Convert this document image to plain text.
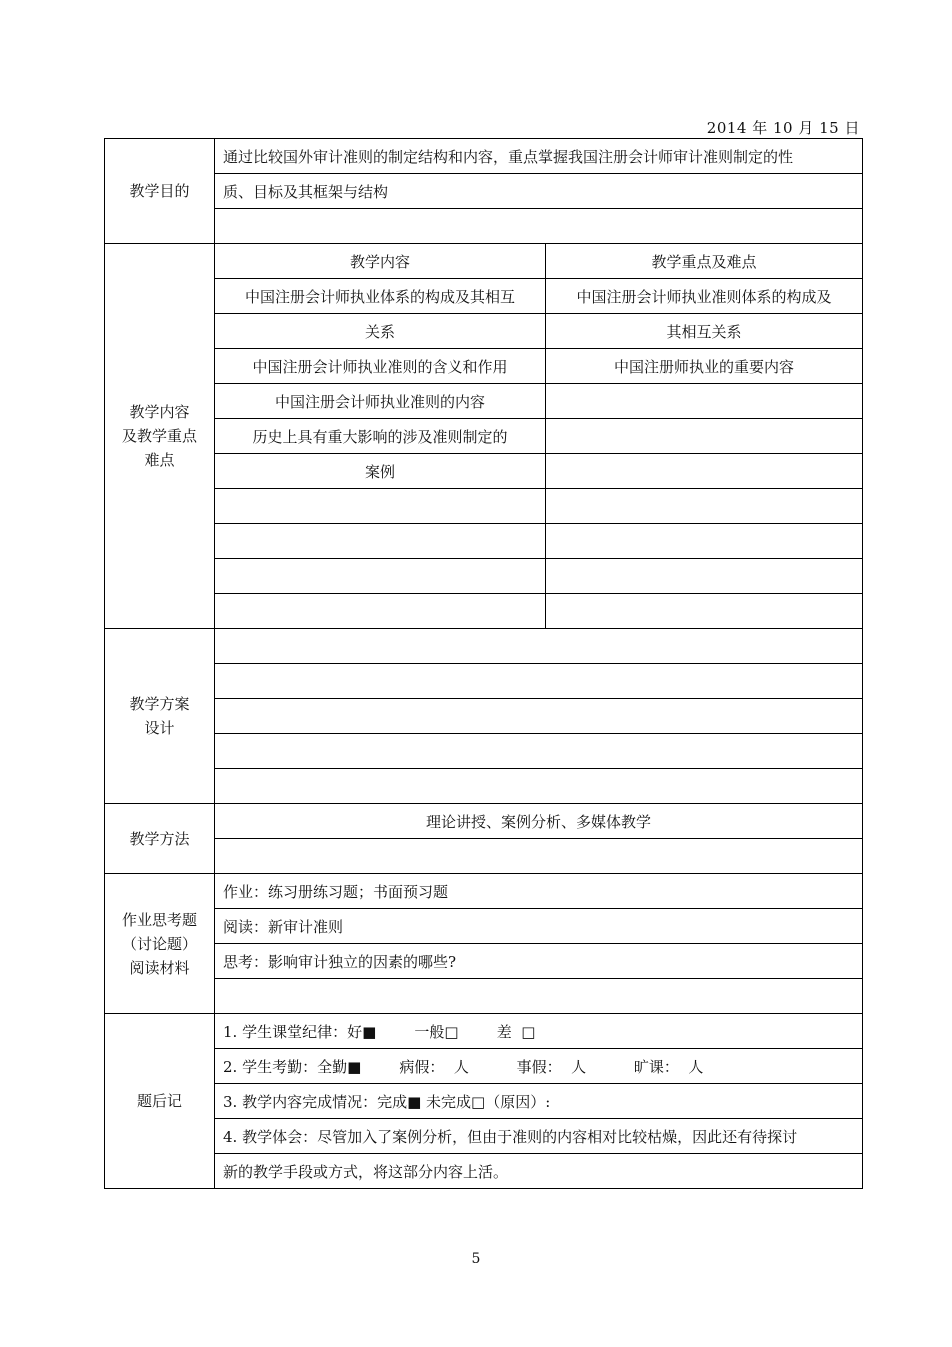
2014 年 10 月 15 日
教学目的	通过比较国外审计准则的制定结构和内容，重点掌握我国注册会计师审计准则制定的性	
	质、目标及其框架与结构	

教学内容
及教学重点
难点	教学内容	教学重点及难点
	中国注册会计师执业体系的构成及其相互	中国注册会计师执业准则体系的构成及
	关系	其相互关系
	中国注册会计师执业准则的含义和作用	中国注册师执业的重要内容
	中国注册会计师执业准则的内容	
	历史上具有重大影响的涉及准则制定的	
	案例	

教学方案
设计		

教学方法	理论讲授、案例分析、多媒体教学	

作业思考题
（讨论题）
阅读材料	作业：练习册练习题；书面预习题	
	阅读：新审计准则	
	思考：影响审计独立的因素的哪些?	

题后记	1. 学生课堂纪律：好■        一般□        差  □	
	2. 学生考勤：全勤■        病假：  人          事假：  人          旷课：  人	
	3. 教学内容完成情况：完成■ 未完成□（原因）:	
	4. 教学体会：尽管加入了案例分析，但由于准则的内容相对比较枯燥，因此还有待探讨	
	新的教学手段或方式，将这部分内容上活。	
5
